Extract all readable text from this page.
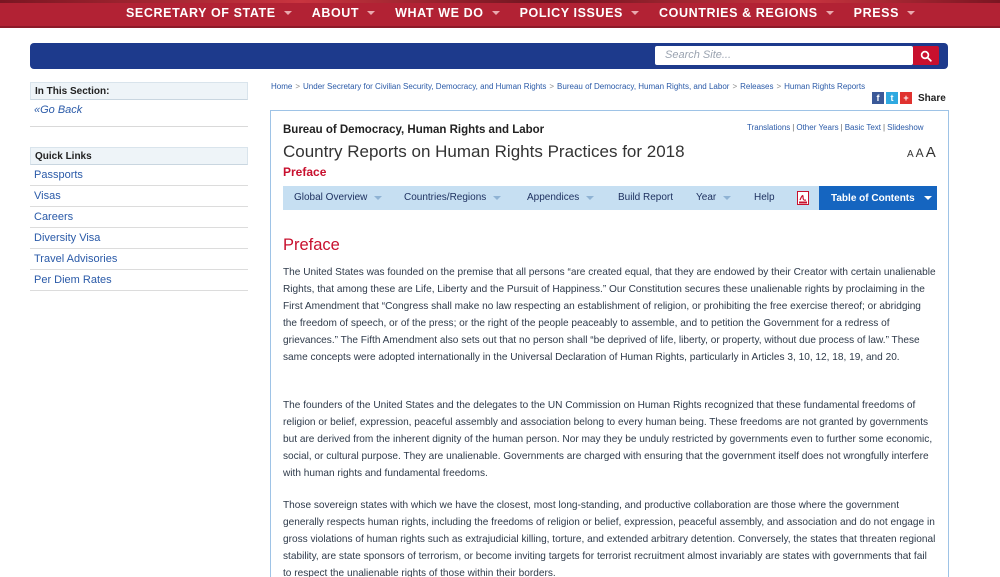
SECRETARY OF STATE	ABOUT	WHAT WE DO	POLICY ISSUES	COUNTRIES & REGIONS	PRESS
Search Site...
In This Section:
«Go Back
Quick Links
Passports
Visas
Careers
Diversity Visa
Travel Advisories
Per Diem Rates
Home > Under Secretary for Civilian Security, Democracy, and Human Rights > Bureau of Democracy, Human Rights, and Labor > Releases > Human Rights Reports
f	t	+ Share
Bureau of Democracy, Human Rights and Labor	Translations | Other Years | Basic Text | Slideshow
Country Reports on Human Rights Practices for 2018	A A A
Preface
Global Overview	Countries/Regions	Appendices	Build Report Year	Help	Table of Contents
Preface

The United States was founded on the premise that all persons “are created equal, that they are endowed by their Creator with certain unalienable Rights, that among these are Life, Liberty and the Pursuit of Happiness.” Our Constitution secures these unalienable rights by proclaiming in the First Amendment that “Congress shall make no law respecting an establishment of religion, or prohibiting the free exercise thereof; or abridging the freedom of speech, or of the press; or the right of the people peaceably to assemble, and to petition the Government for a redress of grievances.” The Fifth Amendment also sets out that no person shall “be deprived of life, liberty, or property, without due process of law.” These same concepts were adopted internationally in the Universal Declaration of Human Rights, particularly in Articles 3, 10, 12, 18, 19, and 20.

The founders of the United States and the delegates to the UN Commission on Human Rights recognized that these fundamental freedoms of religion or belief, expression, peaceful assembly and association belong to every human being. These freedoms are not granted by governments but are derived from the inherent dignity of the human person. Nor may they be unduly restricted by governments even to further some economic, social, or cultural purpose. They are unalienable. Governments are charged with ensuring that the government itself does not wrongfully interfere with human rights and fundamental freedoms.

Those sovereign states with which we have the closest, most long-standing, and productive collaboration are those where the government generally respects human rights, including the freedoms of religion or belief, expression, peaceful assembly, and association and do not engage in gross violations of human rights such as extrajudicial killing, torture, and extended arbitrary detention. Conversely, the states that threaten regional stability, are state sponsors of terrorism, or become inviting targets for terrorist recruitment almost invariably are states with governments that fail to respect the unalienable rights of those within their borders.
